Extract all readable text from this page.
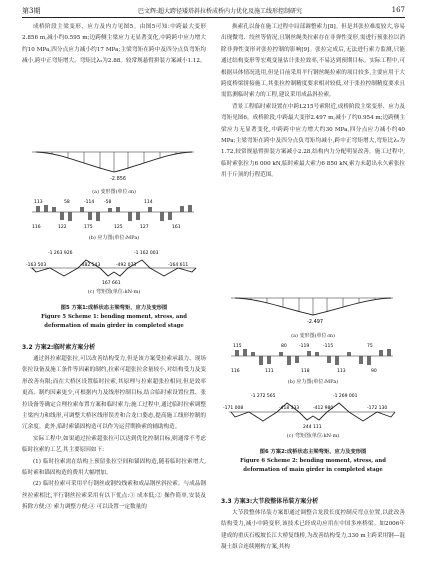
第3期	巴文辉:超大跨径矮塔斜拉桥成桥内力优化及施工线形控制研究	167

成桥阶段主梁变形、应力及内力见图5。由图5可知:中跨最大变形2.856 m,减小约0.595 m;边跨侧主梁应力无显著变化,中跨跨中应力增大约10 MPa,四分点应力减小约17 MPa;主梁弯矩在跨中及四分点负弯矩均减小,跨中正弯矩增大。弯矩比λ₂为2.88。较常规悬臂拼装方案减小1.12。

-2.856
113	58	-114 -58	114
116	122	175	125	127	161
-1 263 926
-163 503	-482 543	-492 073
167 661
-1 162 003
-164 611
(a) 变形图(单位:m)
(b) 应力图(单位:MPa)
(c) 弯矩图(单位:kN·m)
图5 方案1:成桥状态主梁弯矩、应力及变形图
Figure 5 Scheme 1: bending moment, stress, and
deformation of main girder in completed stage

3.2 方案2:临时索方案分析

通过斜拉索超张拉,可以改善结构受力,但是该方案受拉索承载力、现场张拉设备及施工条件等因素的制约,拉索可超张拉余量较小,对结构受力及变形改善有限;而在大桥区设置临时拉索,其原理与拉索超张拉相同,但是效率更高、制约因素更少,可根据内力及线形控制目标,结合临时索设置位置、张拉设备等确定合理拉索布置方案和临时索力;施工过程中,通过临时拉索调整主梁内力和线形,可调整大桥区线形误差和合龙口姿态,提高施工线形控制的冗余度。此外,临时索锚固构造可以作为运营期换索的辅助构造。

实际工程中,如果通过拉索超张拉可以达到优化控制目标,则通常不考虑临时拉索的工艺,其主要原因如下:

(1) 临时拉索需在结构上预留张拉空间和锚固构造,随着临时拉索增大,临时索和锚固构造的费用大幅增加。

(2) 临时拉索可采用平行钢丝或钢绞线索和成品钢丝斜拉索。与成品钢丝拉索相比,平行钢丝拉索采用有以下优点:① 成本低;② 操作简单,安装及拆除方便;③ 索力调整方便;④ 可以设置一定数量的

换索孔以备在施工过程中局部调整索力[8]。但是其张拉难度较大,容易出现微弯、绞丝等情况,且钢丝绳类拉索存在非弹性变形,需进行预张拉以消除非弹性变形对张拉控制的影响[9]。张拉完成后,无法进行索力监测,只能通过结构变形等宏观变量估计张拉效率,不易达到预期目标。实际工程中,可根据具体情况选用,但是目前采用平行钢丝绳拉索的项目较多,主要应用于大跨度桥梁拼接施工,其张拉控制精度要求相对较低,对于张拉控制精度要求且需监测临时索力的工程,建议采用成品斜拉索。

背景工程临时索设置在中跨L215号索附近,成桥阶段主梁变形、应力及弯矩见图6。成桥阶段,中跨最大变形2.497 m,减小了约0.954 m;边跨侧主梁应力无显著变化,中跨跨中应力增大约30 MPa,四分点应力减小约40 MPa;主梁弯矩在跨中及四分点负弯矩均减小,跨中正弯矩增大,弯矩比λ₂为1.72,较常规悬臂拼装方案减小2.28,结构内力分配明显改善。施工过程中,临时索张拉力6 000 kN,临时索最大索力6 850 kN,索力未超出永久索张拉用于斤顶的行程范围。

-2.497
115	80	-119	-115	75
116	111	118	113	90
-171 008
-1 272 565
-418 333	-412 980
244 111
-1 269 001
-172 130
(a) 变形图(单位:m)
(b) 应力图(单位:MPa)
(c) 弯矩图(单位:kN·m)
图6 方案2:成桥状态主梁弯矩、应力及变形图
Figure 6 Scheme 2: bending moment, stress, and
deformation of main girder in completed stage

3.3 方案3:大节段整体吊装方案分析

大节段整体吊装方案即通过调整合龙段长度控制反弯点位置,以此改善结构受力,减小中跨变形,该技术已经成功应用在中国多座桥梁。如2006年建成的重庆石板坡长江大桥复线桥,为改善结构受力,330 m主跨采用钢—混凝土组合连续刚构方案,其构
